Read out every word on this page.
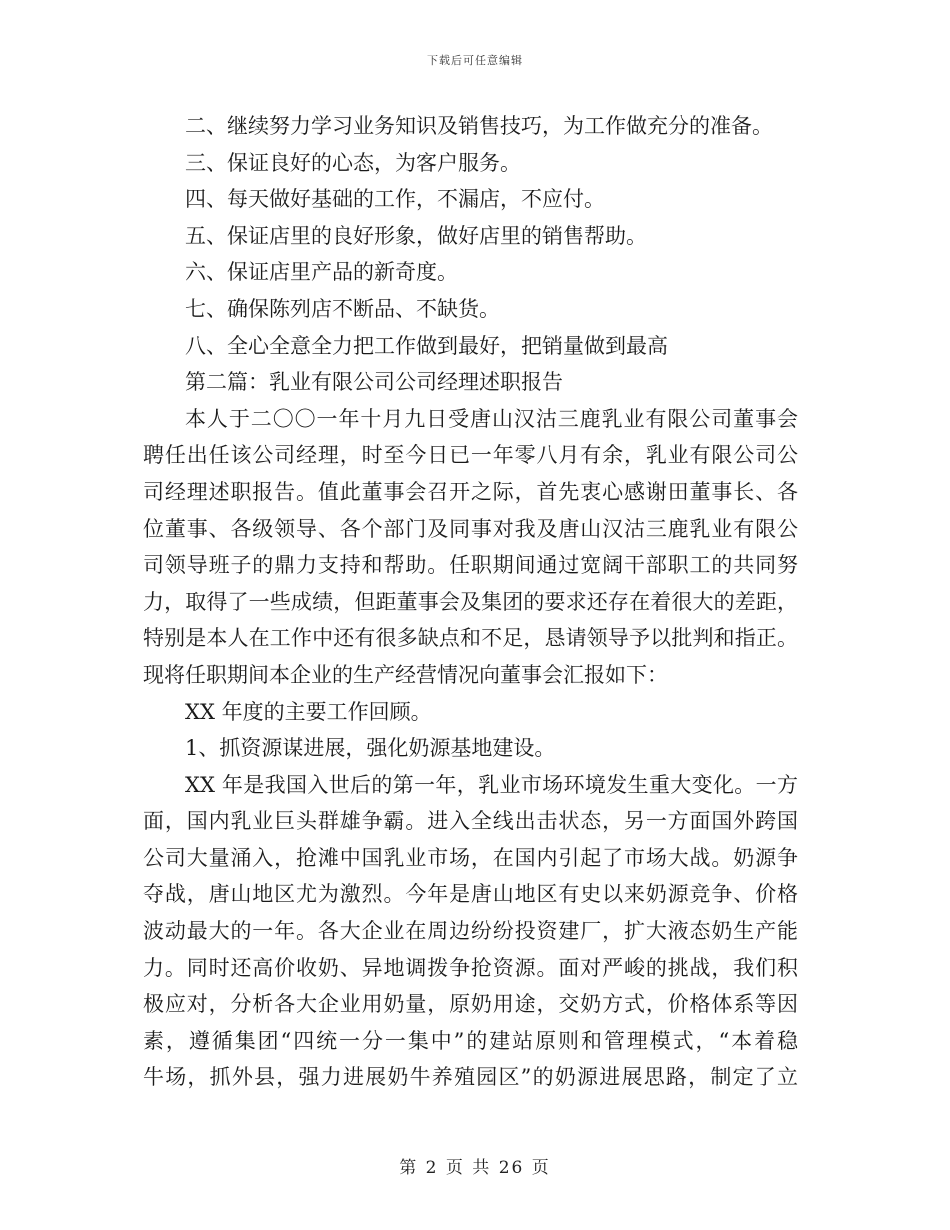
下载后可任意编辑
二、继续努力学习业务知识及销售技巧，为工作做充分的准备。
三、保证良好的心态，为客户服务。
四、每天做好基础的工作，不漏店，不应付。
五、保证店里的良好形象，做好店里的销售帮助。
六、保证店里产品的新奇度。
七、确保陈列店不断品、不缺货。
八、全心全意全力把工作做到最好，把销量做到最高
第二篇：乳业有限公司公司经理述职报告
本人于二〇〇一年十月九日受唐山汉沽三鹿乳业有限公司董事会
聘任出任该公司经理，时至今日已一年零八月有余，乳业有限公司公
司经理述职报告。值此董事会召开之际，首先衷心感谢田董事长、各
位董事、各级领导、各个部门及同事对我及唐山汉沽三鹿乳业有限公
司领导班子的鼎力支持和帮助。任职期间通过宽阔干部职工的共同努
力，取得了一些成绩，但距董事会及集团的要求还存在着很大的差距，
特别是本人在工作中还有很多缺点和不足，恳请领导予以批判和指正。
现将任职期间本企业的生产经营情况向董事会汇报如下：
XX 年度的主要工作回顾。
1、抓资源谋进展，强化奶源基地建设。
XX 年是我国入世后的第一年，乳业市场环境发生重大变化。一方
面，国内乳业巨头群雄争霸。进入全线出击状态，另一方面国外跨国
公司大量涌入，抢滩中国乳业市场，在国内引起了市场大战。奶源争
夺战，唐山地区尤为激烈。今年是唐山地区有史以来奶源竞争、价格
波动最大的一年。各大企业在周边纷纷投资建厂，扩大液态奶生产能
力。同时还高价收奶、异地调拨争抢资源。面对严峻的挑战，我们积
极应对，分析各大企业用奶量，原奶用途，交奶方式，价格体系等因
素，遵循集团“四统一分一集中”的建站原则和管理模式，“本着稳
牛场，抓外县，强力进展奶牛养殖园区”的奶源进展思路，制定了立
第 2 页 共 26 页
